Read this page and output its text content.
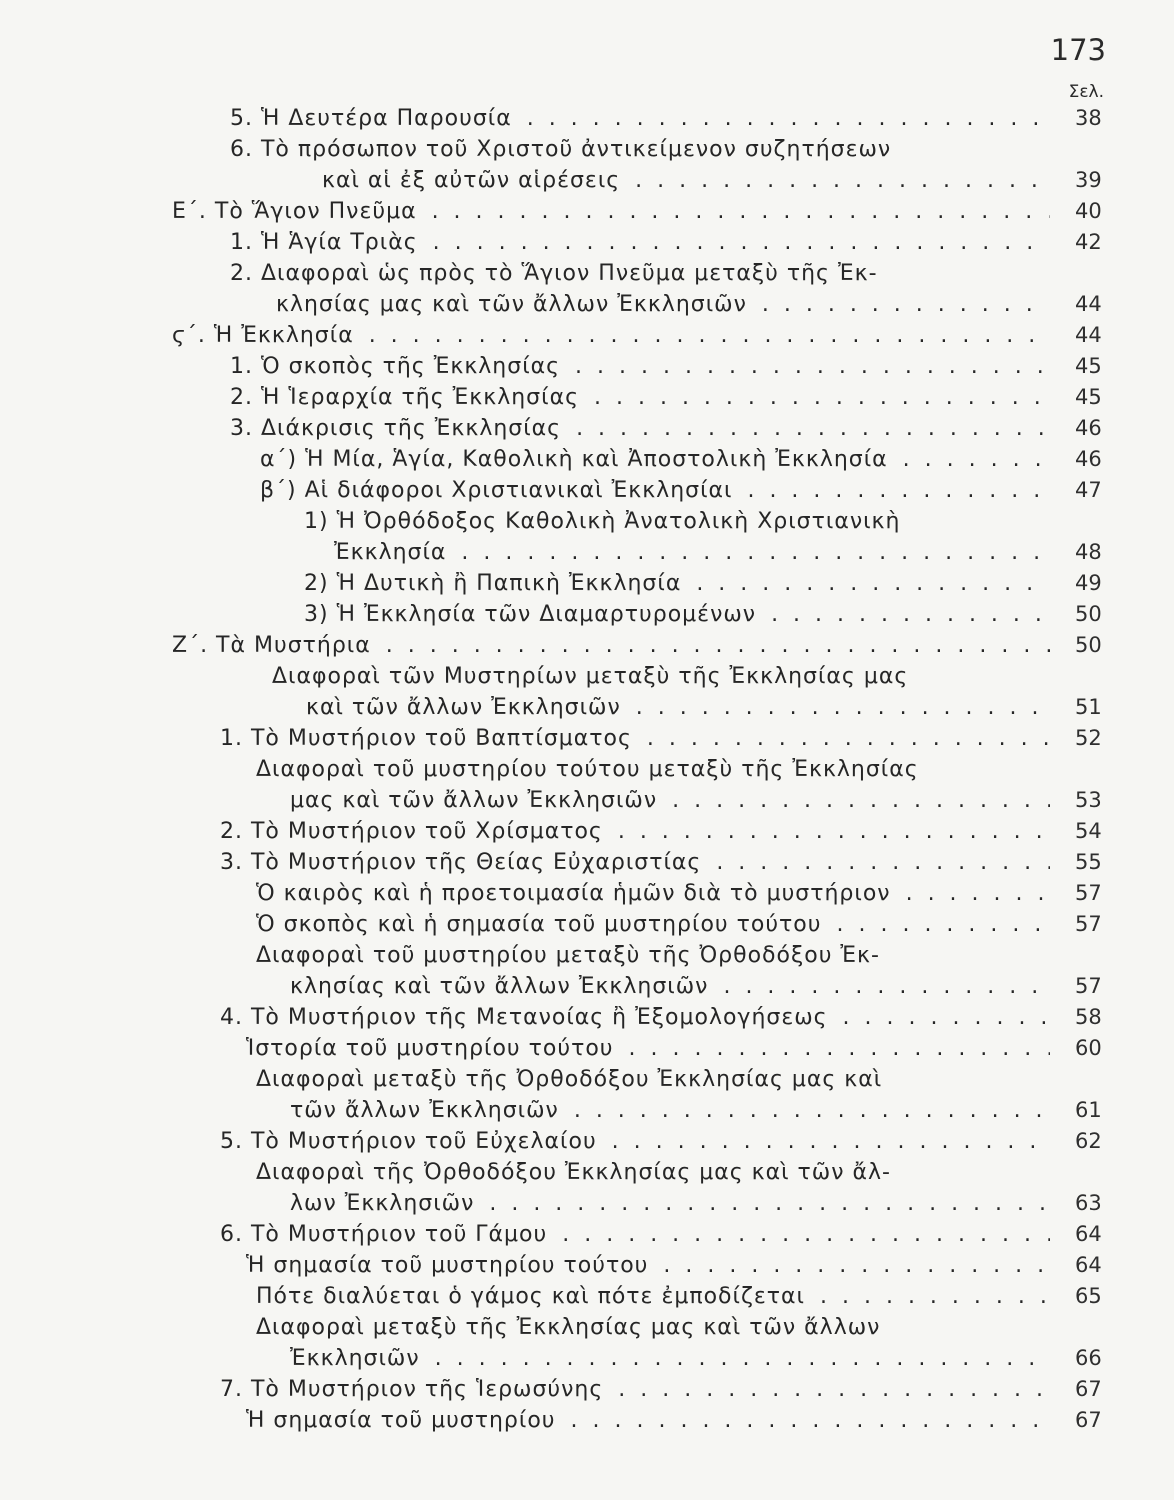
173
Σελ.
5. Ἡ Δευτέρα Παρουσία . . .	38
6. Τὸ πρόσωπον τοῦ Χριστοῦ ἀντικείμενον συζητήσεων
καὶ αἱ ἐξ αὐτῶν αἱρέσεις . . .	39
Ε΄. Τὸ Ἅγιον Πνεῦμα . . .	40
1. Ἡ Ἁγία Τριὰς . . .	42
2. Διαφοραὶ ὡς πρὸς τὸ Ἅγιον Πνεῦμα μεταξὺ τῆς Ἐκ-
κλησίας μας καὶ τῶν ἄλλων Ἐκκλησιῶν . . .	44
ϛ΄. Ἡ Ἐκκλησία . . .	44
1. Ὁ σκοπὸς τῆς Ἐκκλησίας . . .	45
2. Ἡ Ἱεραρχία τῆς Ἐκκλησίας . . .	45
3. Διάκρισις τῆς Ἐκκλησίας . . .	46
α΄) Ἡ Μία, Ἁγία, Καθολικὴ καὶ Ἀποστολικὴ Ἐκκλησία . . .	46
β΄) Αἱ διάφοροι Χριστιανικαὶ Ἐκκλησίαι . . .	47
1) Ἡ Ὀρθόδοξος Καθολικὴ Ἀνατολικὴ Χριστιανικὴ
Ἐκκλησία . . .	48
2) Ἡ Δυτικὴ ἢ Παπικὴ Ἐκκλησία . . .	49
3) Ἡ Ἐκκλησία τῶν Διαμαρτυρομένων . . .	50
Ζ΄. Τὰ Μυστήρια . . .	50
Διαφοραὶ τῶν Μυστηρίων μεταξὺ τῆς Ἐκκλησίας μας
καὶ τῶν ἄλλων Ἐκκλησιῶν . . .	51
1. Τὸ Μυστήριον τοῦ Βαπτίσματος . . .	52
Διαφοραὶ τοῦ μυστηρίου τούτου μεταξὺ τῆς Ἐκκλησίας
μας καὶ τῶν ἄλλων Ἐκκλησιῶν . . .	53
2. Τὸ Μυστήριον τοῦ Χρίσματος . . .	54
3. Τὸ Μυστήριον τῆς Θείας Εὐχαριστίας . . .	55
Ὁ καιρὸς καὶ ἡ προετοιμασία ἡμῶν διὰ τὸ μυστήριον . . .	57
Ὁ σκοπὸς καὶ ἡ σημασία τοῦ μυστηρίου τούτου . . .	57
Διαφοραὶ τοῦ μυστηρίου μεταξὺ τῆς Ὀρθοδόξου Ἐκ-
κλησίας καὶ τῶν ἄλλων Ἐκκλησιῶν . . .	57
4. Τὸ Μυστήριον τῆς Μετανοίας ἢ Ἐξομολογήσεως . . .	58
Ἱστορία τοῦ μυστηρίου τούτου . . .	60
Διαφοραὶ μεταξὺ τῆς Ὀρθοδόξου Ἐκκλησίας μας καὶ
τῶν ἄλλων Ἐκκλησιῶν . . .	61
5. Τὸ Μυστήριον τοῦ Εὐχελαίου . . .	62
Διαφοραὶ τῆς Ὀρθοδόξου Ἐκκλησίας μας καὶ τῶν ἄλ-
λων Ἐκκλησιῶν . . .	63
6. Τὸ Μυστήριον τοῦ Γάμου . . .	64
Ἡ σημασία τοῦ μυστηρίου τούτου . . .	64
Πότε διαλύεται ὁ γάμος καὶ πότε ἐμποδίζεται . . .	65
Διαφοραὶ μεταξὺ τῆς Ἐκκλησίας μας καὶ τῶν ἄλλων
Ἐκκλησιῶν . . .	66
7. Τὸ Μυστήριον τῆς Ἱερωσύνης . . .	67
Ἡ σημασία τοῦ μυστηρίου . . .	67
